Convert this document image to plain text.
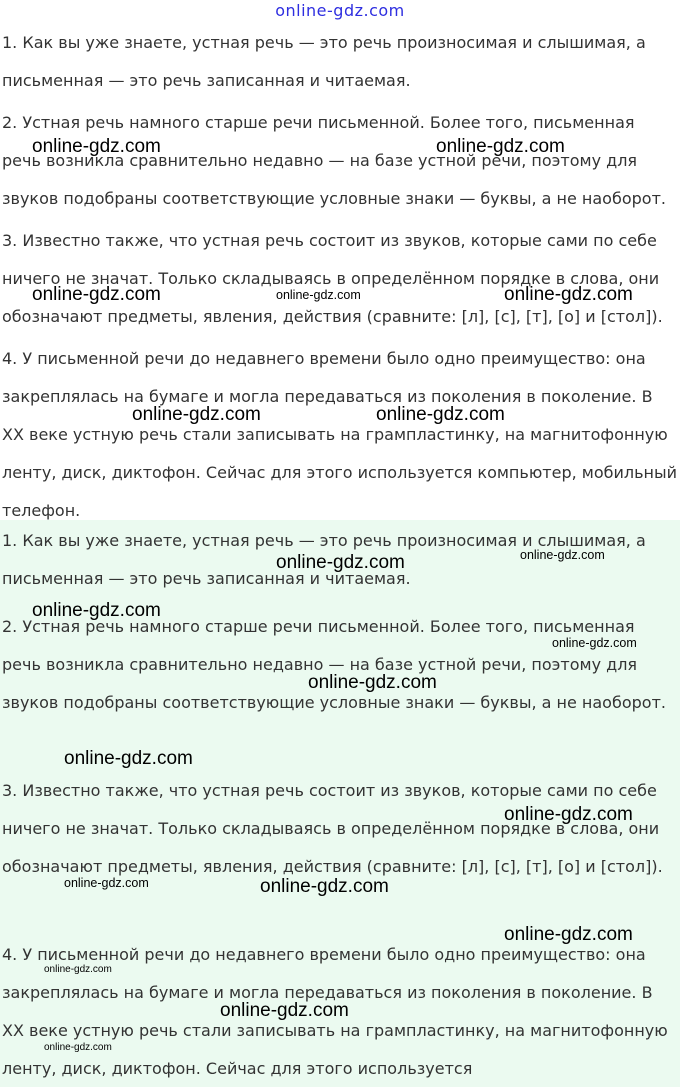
1. Как вы уже знаете, устная речь — это речь произносимая и слышимая, а письменная — это речь записанная и читаемая.

2. Устная речь намного старше речи письменной. Более того, письменная речь возникла сравнительно недавно — на базе устной речи, поэтому для звуков подобраны соответствующие условные знаки — буквы, а не наоборот.

3. Известно также, что устная речь состоит из звуков, которые сами по себе ничего не значат. Только складываясь в определённом порядке в слова, они обозначают предметы, явления, действия (сравните: [л], [с], [т], [о] и [стол]).

4. У письменной речи до недавнего времени было одно преимущество: она закреплялась на бумаге и могла передаваться из поколения в поколение. В XX веке устную речь стали записывать на грампластинку, на магнитофонную ленту, диск, диктофон. Сейчас для этого используется компьютер, мобильный телефон.

1. Как вы уже знаете, устная речь — это речь произносимая и слышимая, а письменная — это речь записанная и читаемая.

2. Устная речь намного старше речи письменной. Более того, письменная речь возникла сравнительно недавно — на базе устной речи, поэтому для звуков подобраны соответствующие условные знаки — буквы, а не наоборот.

3. Известно также, что устная речь состоит из звуков, которые сами по себе ничего не значат. Только складываясь в определённом порядке в слова, они обозначают предметы, явления, действия (сравните: [л], [с], [т], [о] и [стол]).

4. У письменной речи до недавнего времени было одно преимущество: она закреплялась на бумаге и могла передаваться из поколения в поколение. В XX веке устную речь стали записывать на грампластинку, на магнитофонную ленту, диск, диктофон. Сейчас для этого используется

online-gdz.com
online-gdz.com	online-gdz.com
online-gdz.com	online-gdz.com	online-gdz.com
online-gdz.com	online-gdz.com
online-gdz.com	online-gdz.com
online-gdz.com
online-gdz.com
online-gdz.com
online-gdz.com
online-gdz.com
online-gdz.com	online-gdz.com
online-gdz.com
online-gdz.com
online-gdz.com
online-gdz.com
